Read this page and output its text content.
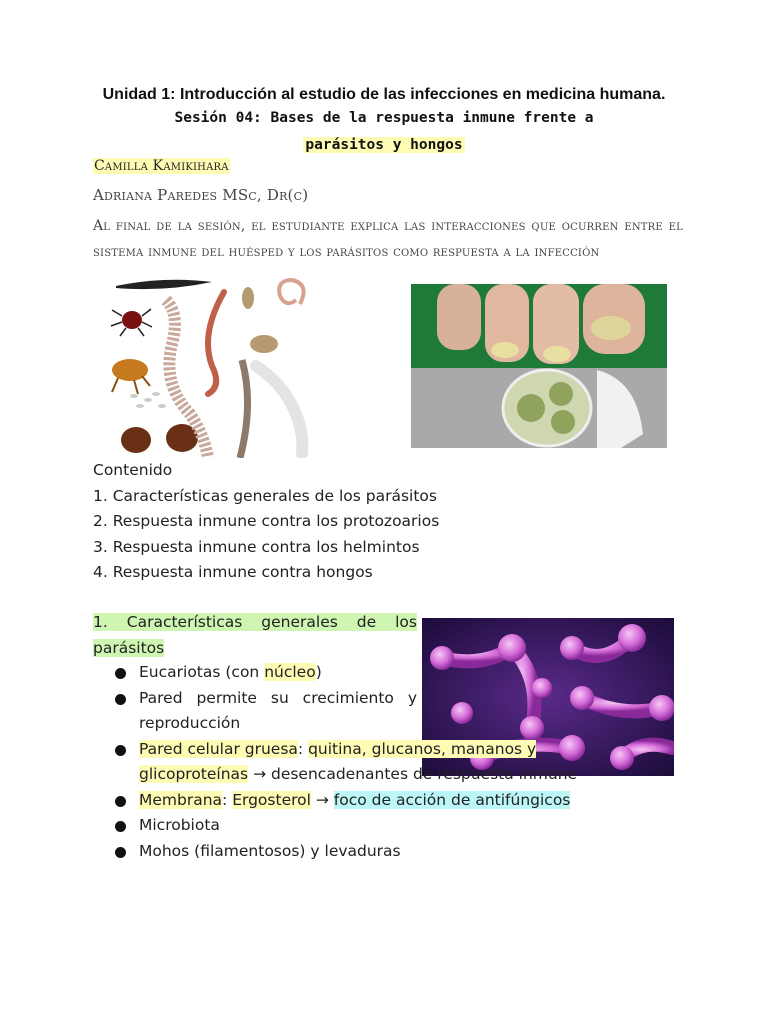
Unidad 1: Introducción al estudio de las infecciones en medicina humana.
Sesión 04: Bases de la respuesta inmune frente a
parásitos y hongos
Camilla Kamikihara
Adriana Paredes MSc, Dr(c)
Al final de la sesión, el estudiante explica las interacciones que ocurren entre el sistema inmune del huésped y los parásitos como respuesta a la infección
Contenido
1. Características generales de los parásitos
2. Respuesta inmune contra los protozoarios
3. Respuesta inmune contra los helmintos
4. Respuesta inmune contra hongos
1. Características generales de los parásitos
Eucariotas (con núcleo)
Pared permite su crecimiento y reproducción
Pared celular gruesa: quitina, glucanos, mananos y glicoproteínas → desencadenantes de respuesta inmune
Membrana: Ergosterol → foco de acción de antifúngicos
Microbiota
Mohos (filamentosos) y levaduras
